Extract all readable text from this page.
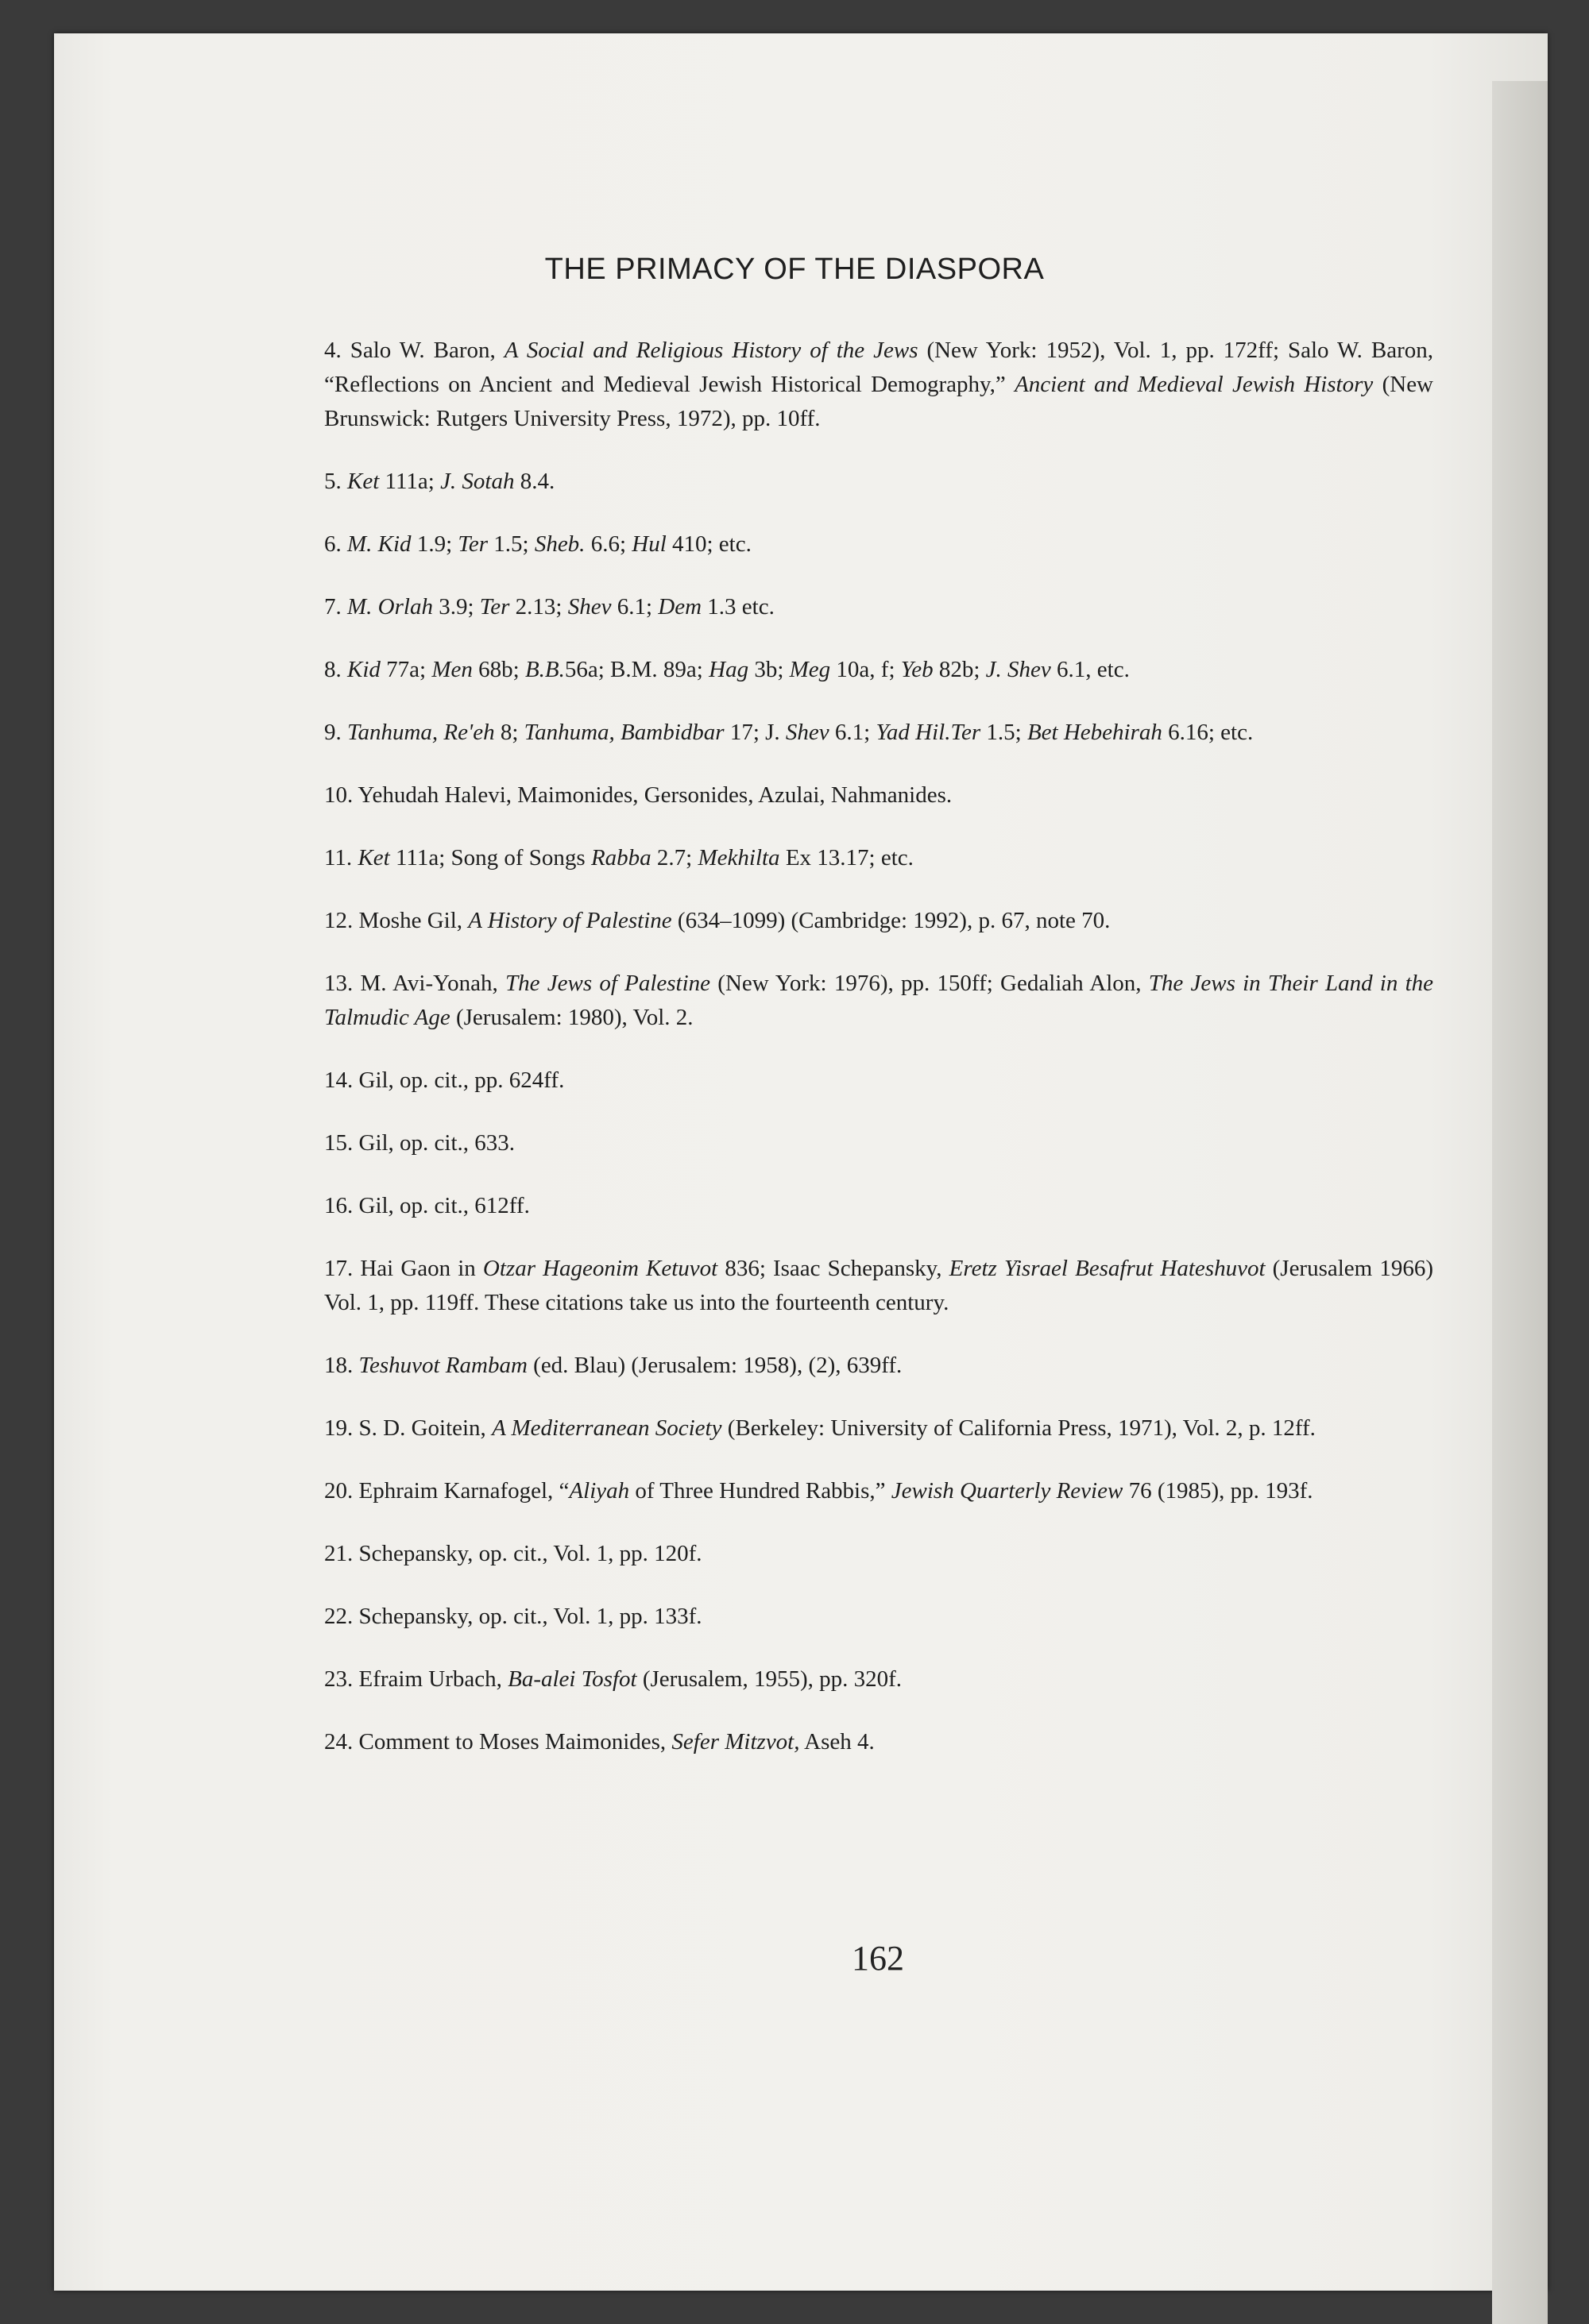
THE PRIMACY OF THE DIASPORA
4. Salo W. Baron, A Social and Religious History of the Jews (New York: 1952), Vol. 1, pp. 172ff; Salo W. Baron, “Reflections on Ancient and Medieval Jewish Historical Demography,” Ancient and Medieval Jewish History (New Brunswick: Rutgers University Press, 1972), pp. 10ff.
5. Ket 111a; J. Sotah 8.4.
6. M. Kid 1.9; Ter 1.5; Sheb. 6.6; Hul 410; etc.
7. M. Orlah 3.9; Ter 2.13; Shev 6.1; Dem 1.3 etc.
8. Kid 77a; Men 68b; B.B.56a; B.M. 89a; Hag 3b; Meg 10a, f; Yeb 82b; J. Shev 6.1, etc.
9. Tanhuma, Re'eh 8; Tanhuma, Bambidbar 17; J. Shev 6.1; Yad Hil.Ter 1.5; Bet Hebehirah 6.16; etc.
10. Yehudah Halevi, Maimonides, Gersonides, Azulai, Nahmanides.
11. Ket 111a; Song of Songs Rabba 2.7; Mekhilta Ex 13.17; etc.
12. Moshe Gil, A History of Palestine (634–1099) (Cambridge: 1992), p. 67, note 70.
13. M. Avi-Yonah, The Jews of Palestine (New York: 1976), pp. 150ff; Gedaliah Alon, The Jews in Their Land in the Talmudic Age (Jerusalem: 1980), Vol. 2.
14. Gil, op. cit., pp. 624ff.
15. Gil, op. cit., 633.
16. Gil, op. cit., 612ff.
17. Hai Gaon in Otzar Hageonim Ketuvot 836; Isaac Schepansky, Eretz Yisrael Besafrut Hateshuvot (Jerusalem 1966) Vol. 1, pp. 119ff. These citations take us into the fourteenth century.
18. Teshuvot Rambam (ed. Blau) (Jerusalem: 1958), (2), 639ff.
19. S. D. Goitein, A Mediterranean Society (Berkeley: University of California Press, 1971), Vol. 2, p. 12ff.
20. Ephraim Karnafogel, “Aliyah of Three Hundred Rabbis,” Jewish Quarterly Review 76 (1985), pp. 193f.
21. Schepansky, op. cit., Vol. 1, pp. 120f.
22. Schepansky, op. cit., Vol. 1, pp. 133f.
23. Efraim Urbach, Ba-alei Tosfot (Jerusalem, 1955), pp. 320f.
24. Comment to Moses Maimonides, Sefer Mitzvot, Aseh 4.
162
